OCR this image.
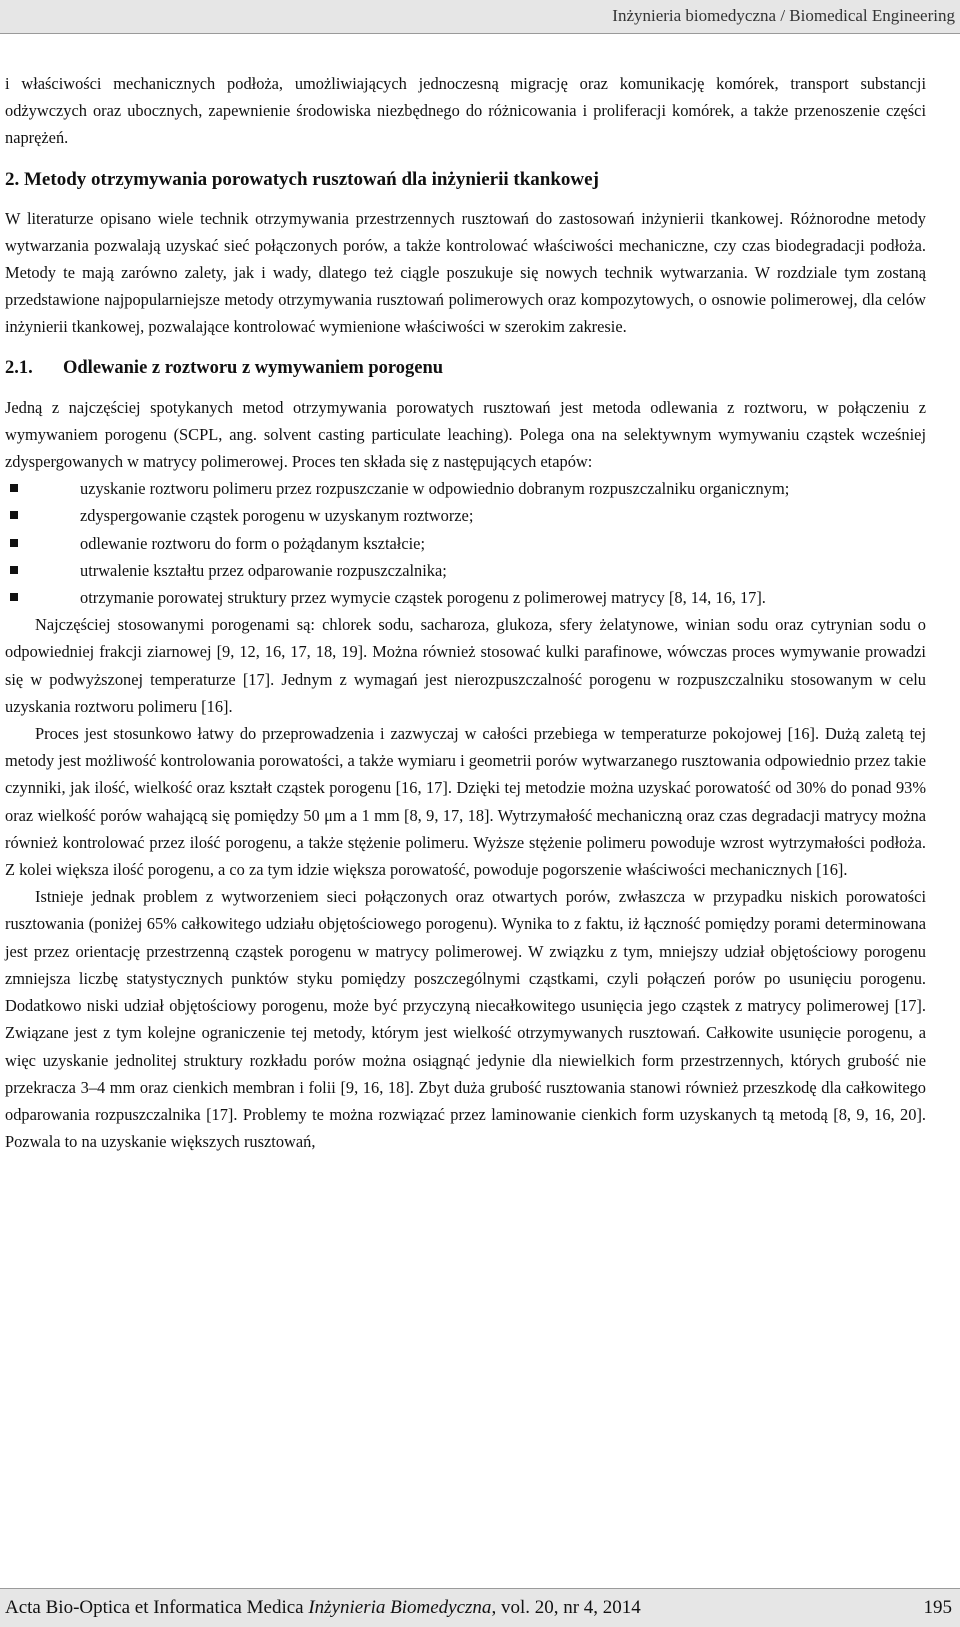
Inżynieria biomedyczna / Biomedical Engineering

i właściwości mechanicznych podłoża, umożliwiających jednoczesną migrację oraz komunikację komórek, transport substancji odżywczych oraz ubocznych, zapewnienie środowiska niezbędnego do różnicowania i proliferacji komórek, a także przenoszenie części naprężeń.

2. Metody otrzymywania porowatych rusztowań dla inżynierii tkankowej

W literaturze opisano wiele technik otrzymywania przestrzennych rusztowań do zastosowań inżynierii tkankowej. Różnorodne metody wytwarzania pozwalają uzyskać sieć połączonych porów, a także kontrolować właściwości mechaniczne, czy czas biodegradacji podłoża. Metody te mają zarówno zalety, jak i wady, dlatego też ciągle poszukuje się nowych technik wytwarzania. W rozdziale tym zostaną przedstawione najpopularniejsze metody otrzymywania rusztowań polimerowych oraz kompozytowych, o osnowie polimerowej, dla celów inżynierii tkankowej, pozwalające kontrolować wymienione właściwości w szerokim zakresie.

2.1. Odlewanie z roztworu z wymywaniem porogenu

Jedną z najczęściej spotykanych metod otrzymywania porowatych rusztowań jest metoda odlewania z roztworu, w połączeniu z wymywaniem porogenu (SCPL, ang. solvent casting particulate leaching). Polega ona na selektywnym wymywaniu cząstek wcześniej zdyspergowanych w matrycy polimerowej. Proces ten składa się z następujących etapów:

uzyskanie roztworu polimeru przez rozpuszczanie w odpowiednio dobranym rozpuszczalniku organicznym;
zdyspergowanie cząstek porogenu w uzyskanym roztworze;
odlewanie roztworu do form o pożądanym kształcie;
utrwalenie kształtu przez odparowanie rozpuszczalnika;
otrzymanie porowatej struktury przez wymycie cząstek porogenu z polimerowej matrycy [8, 14, 16, 17].

Najczęściej stosowanymi porogenami są: chlorek sodu, sacharoza, glukoza, sfery żelatynowe, winian sodu oraz cytrynian sodu o odpowiedniej frakcji ziarnowej [9, 12, 16, 17, 18, 19]. Można również stosować kulki parafinowe, wówczas proces wymywanie prowadzi się w podwyższonej temperaturze [17]. Jednym z wymagań jest nierozpuszczalność porogenu w rozpuszczalniku stosowanym w celu uzyskania roztworu polimeru [16].

Proces jest stosunkowo łatwy do przeprowadzenia i zazwyczaj w całości przebiega w temperaturze pokojowej [16]. Dużą zaletą tej metody jest możliwość kontrolowania porowatości, a także wymiaru i geometrii porów wytwarzanego rusztowania odpowiednio przez takie czynniki, jak ilość, wielkość oraz kształt cząstek porogenu [16, 17]. Dzięki tej metodzie można uzyskać porowatość od 30% do ponad 93% oraz wielkość porów wahającą się pomiędzy 50 μm a 1 mm [8, 9, 17, 18]. Wytrzymałość mechaniczną oraz czas degradacji matrycy można również kontrolować przez ilość porogenu, a także stężenie polimeru. Wyższe stężenie polimeru powoduje wzrost wytrzymałości podłoża. Z kolei większa ilość porogenu, a co za tym idzie większa porowatość, powoduje pogorszenie właściwości mechanicznych [16].

Istnieje jednak problem z wytworzeniem sieci połączonych oraz otwartych porów, zwłaszcza w przypadku niskich porowatości rusztowania (poniżej 65% całkowitego udziału objętościowego porogenu). Wynika to z faktu, iż łączność pomiędzy porami determinowana jest przez orientację przestrzenną cząstek porogenu w matrycy polimerowej. W związku z tym, mniejszy udział objętościowy porogenu zmniejsza liczbę statystycznych punktów styku pomiędzy poszczególnymi cząstkami, czyli połączeń porów po usunięciu porogenu. Dodatkowo niski udział objętościowy porogenu, może być przyczyną niecałkowitego usunięcia jego cząstek z matrycy polimerowej [17]. Związane jest z tym kolejne ograniczenie tej metody, którym jest wielkość otrzymywanych rusztowań. Całkowite usunięcie porogenu, a więc uzyskanie jednolitej struktury rozkładu porów można osiągnąć jedynie dla niewielkich form przestrzennych, których grubość nie przekracza 3–4 mm oraz cienkich membran i folii [9, 16, 18]. Zbyt duża grubość rusztowania stanowi również przeszkodę dla całkowitego odparowania rozpuszczalnika [17]. Problemy te można rozwiązać przez laminowanie cienkich form uzyskanych tą metodą [8, 9, 16, 20]. Pozwala to na uzyskanie większych rusztowań,

Acta Bio-Optica et Informatica Medica Inżynieria Biomedyczna, vol. 20, nr 4, 2014	195
